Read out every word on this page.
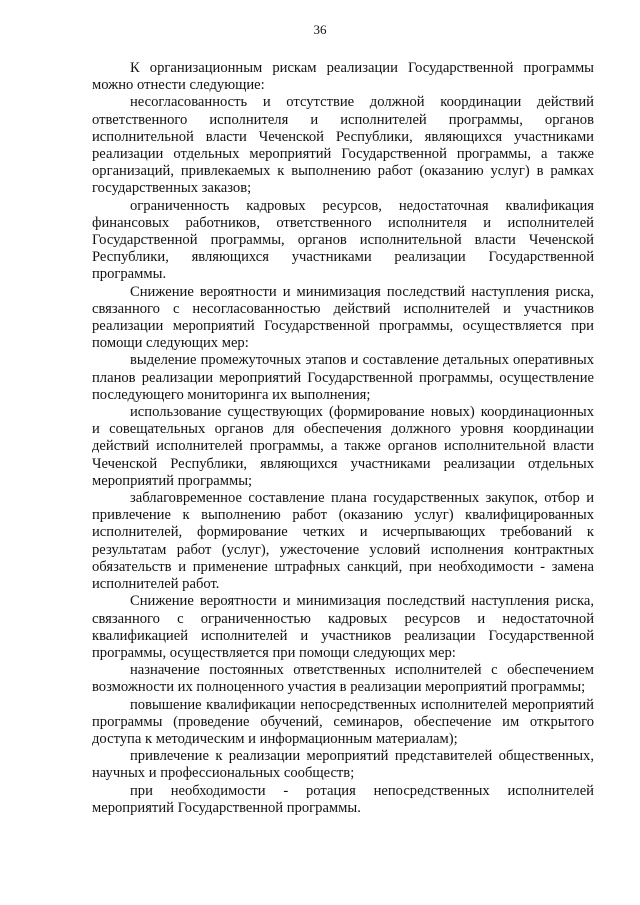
36

К организационным рискам реализации Государственной программы можно отнести следующие:

несогласованность и отсутствие должной координации действий ответственного исполнителя и исполнителей программы, органов исполнительной власти Чеченской Республики, являющихся участниками реализации отдельных мероприятий Государственной программы, а также организаций, привлекаемых к выполнению работ (оказанию услуг) в рамках государственных заказов;

ограниченность кадровых ресурсов, недостаточная квалификация финансовых работников, ответственного исполнителя и исполнителей Государственной программы, органов исполнительной власти Чеченской Республики, являющихся участниками реализации Государственной программы.

Снижение вероятности и минимизация последствий наступления риска, связанного с несогласованностью действий исполнителей и участников реализации мероприятий Государственной программы, осуществляется при помощи следующих мер:

выделение промежуточных этапов и составление детальных оперативных планов реализации мероприятий Государственной программы, осуществление последующего мониторинга их выполнения;

использование существующих (формирование новых) координационных и совещательных органов для обеспечения должного уровня координации действий исполнителей программы, а также органов исполнительной власти Чеченской Республики, являющихся участниками реализации отдельных мероприятий программы;

заблаговременное составление плана государственных закупок, отбор и привлечение к выполнению работ (оказанию услуг) квалифицированных исполнителей, формирование четких и исчерпывающих требований к результатам работ (услуг), ужесточение условий исполнения контрактных обязательств и применение штрафных санкций, при необходимости - замена исполнителей работ.

Снижение вероятности и минимизация последствий наступления риска, связанного с ограниченностью кадровых ресурсов и недостаточной квалификацией исполнителей и участников реализации Государственной программы, осуществляется при помощи следующих мер:

назначение постоянных ответственных исполнителей с обеспечением возможности их полноценного участия в реализации мероприятий программы;

повышение квалификации непосредственных исполнителей мероприятий программы (проведение обучений, семинаров, обеспечение им открытого доступа к методическим и информационным материалам);

привлечение к реализации мероприятий представителей общественных, научных и профессиональных сообществ;

при необходимости - ротация непосредственных исполнителей мероприятий Государственной программы.
